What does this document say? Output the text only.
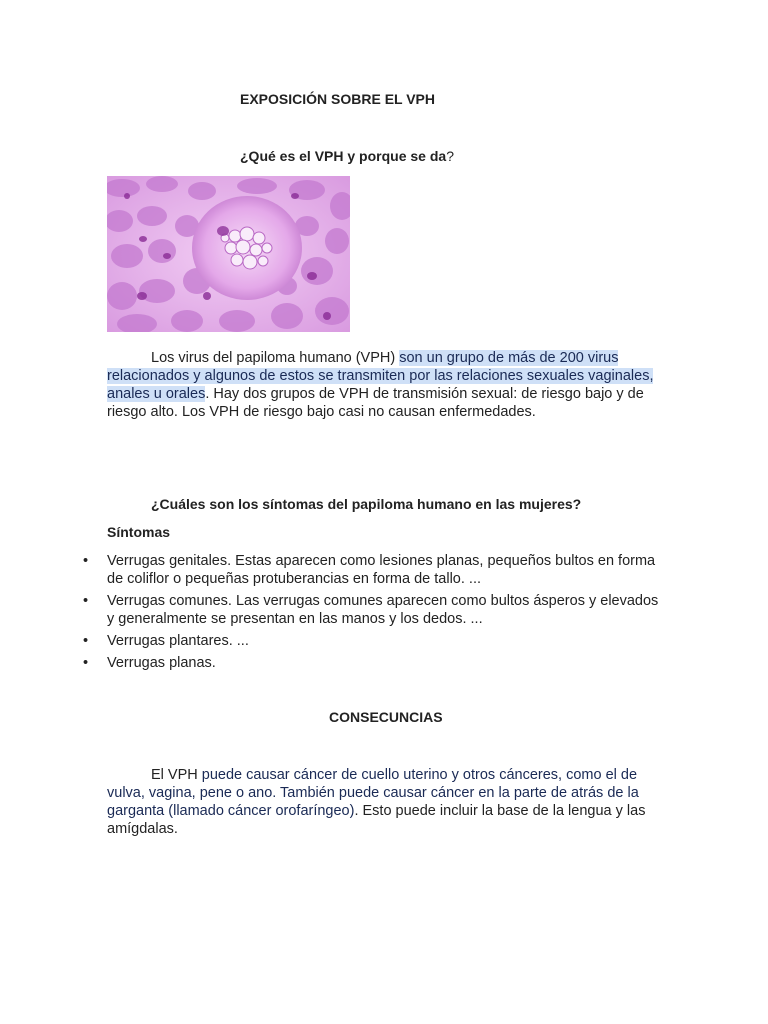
EXPOSICIÓN SOBRE EL VPH
¿Qué es el VPH y porque se da?

Los virus del papiloma humano (VPH) son un grupo de más de 200 virus relacionados y algunos de estos se transmiten por las relaciones sexuales vaginales, anales u orales. Hay dos grupos de VPH de transmisión sexual: de riesgo bajo y de riesgo alto. Los VPH de riesgo bajo casi no causan enfermedades.

¿Cuáles son los síntomas del papiloma humano en las mujeres?
Síntomas
• Verrugas genitales. Estas aparecen como lesiones planas, pequeños bultos en forma de coliflor o pequeñas protuberancias en forma de tallo. ...
• Verrugas comunes. Las verrugas comunes aparecen como bultos ásperos y elevados y generalmente se presentan en las manos y los dedos. ...
• Verrugas plantares. ...
• Verrugas planas.
CONSECUNCIAS

El VPH puede causar cáncer de cuello uterino y otros cánceres, como el de vulva, vagina, pene o ano. También puede causar cáncer en la parte de atrás de la garganta (llamado cáncer orofaríngeo). Esto puede incluir la base de la lengua y las amígdalas.
